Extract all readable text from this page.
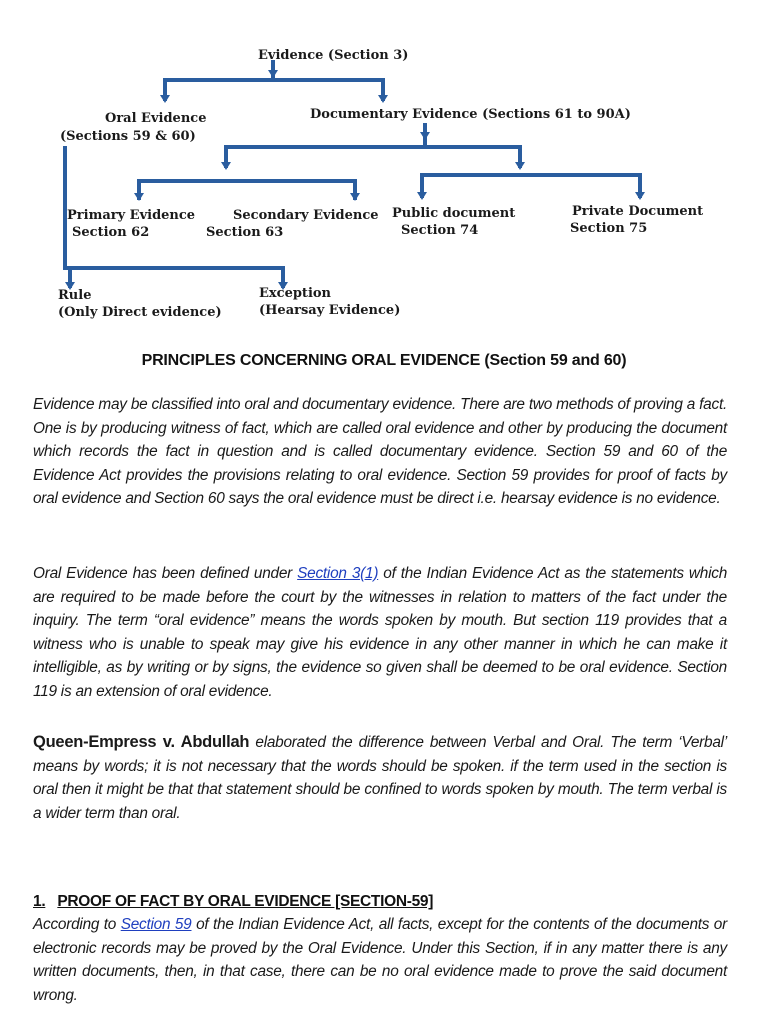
Evidence (Section 3)
Oral Evidence
(Sections 59 & 60)
Documentary Evidence (Sections 61 to 90A)
Primary Evidence
Section 62
Secondary Evidence
Section 63
Public document
Section 74
Private Document
Section 75
Rule
(Only Direct evidence)
Exception
(Hearsay Evidence)
PRINCIPLES CONCERNING ORAL EVIDENCE (Section 59 and 60)
Evidence may be classified into oral and documentary evidence. There are two methods of proving a fact. One is by producing witness of fact, which are called oral evidence and other by producing the document which records the fact in question and is called documentary evidence. Section 59 and 60 of the Evidence Act provides the provisions relating to oral evidence. Section 59 provides for proof of facts by oral evidence and Section 60 says the oral evidence must be direct i.e. hearsay evidence is no evidence.
Oral Evidence has been defined under Section 3(1) of the Indian Evidence Act as the statements which are required to be made before the court by the witnesses in relation to matters of the fact under the inquiry. The term “oral evidence” means the words spoken by mouth. But section 119 provides that a witness who is unable to speak may give his evidence in any other manner in which he can make it intelligible, as by writing or by signs, the evidence so given shall be deemed to be oral evidence. Section 119 is an extension of oral evidence.
Queen-Empress v. Abdullah elaborated the difference between Verbal and Oral. The term ‘Verbal’ means by words; it is not necessary that the words should be spoken. if the term used in the section is oral then it might be that that statement should be confined to words spoken by mouth. The term verbal is a wider term than oral.
1. PROOF OF FACT BY ORAL EVIDENCE [SECTION-59]
According to Section 59 of the Indian Evidence Act, all facts, except for the contents of the documents or electronic records may be proved by the Oral Evidence. Under this Section, if in any matter there is any written documents, then, in that case, there can be no oral evidence made to prove the said document wrong.
